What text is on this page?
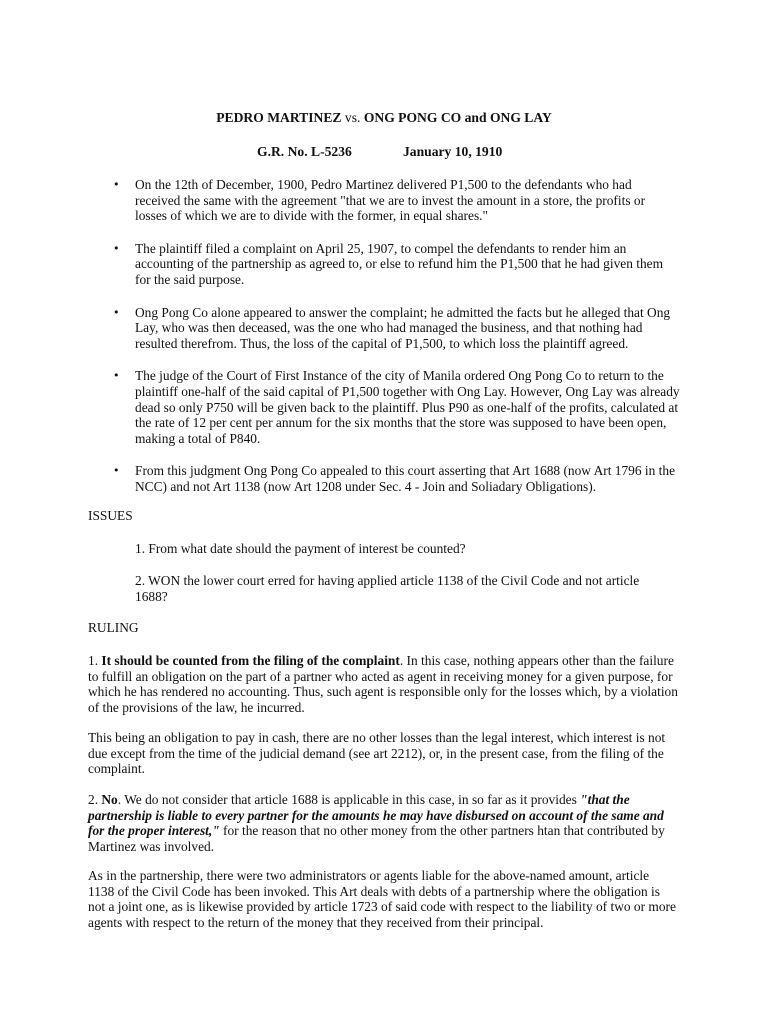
PEDRO MARTINEZ vs. ONG PONG CO and ONG LAY
G.R. No. L-5236	January 10, 1910
• On the 12th of December, 1900, Pedro Martinez delivered P1,500 to the defendants who had received the same with the agreement "that we are to invest the amount in a store, the profits or losses of which we are to divide with the former, in equal shares."
• The plaintiff filed a complaint on April 25, 1907, to compel the defendants to render him an accounting of the partnership as agreed to, or else to refund him the P1,500 that he had given them for the said purpose.
• Ong Pong Co alone appeared to answer the complaint; he admitted the facts but he alleged that Ong Lay, who was then deceased, was the one who had managed the business, and that nothing had resulted therefrom. Thus, the loss of the capital of P1,500, to which loss the plaintiff agreed.
• The judge of the Court of First Instance of the city of Manila ordered Ong Pong Co to return to the plaintiff one-half of the said capital of P1,500 together with Ong Lay. However, Ong Lay was already dead so only P750 will be given back to the plaintiff. Plus P90 as one-half of the profits, calculated at the rate of 12 per cent per annum for the six months that the store was supposed to have been open, making a total of P840.
• From this judgment Ong Pong Co appealed to this court asserting that Art 1688 (now Art 1796 in the NCC) and not Art 1138 (now Art 1208 under Sec. 4 - Join and Soliadary Obligations).
ISSUES
1. From what date should the payment of interest be counted?
2. WON the lower court erred for having applied article 1138 of the Civil Code and not article 1688?
RULING
1. It should be counted from the filing of the complaint. In this case, nothing appears other than the failure to fulfill an obligation on the part of a partner who acted as agent in receiving money for a given purpose, for which he has rendered no accounting. Thus, such agent is responsible only for the losses which, by a violation of the provisions of the law, he incurred.
This being an obligation to pay in cash, there are no other losses than the legal interest, which interest is not due except from the time of the judicial demand (see art 2212), or, in the present case, from the filing of the complaint.
2. No. We do not consider that article 1688 is applicable in this case, in so far as it provides "that the partnership is liable to every partner for the amounts he may have disbursed on account of the same and for the proper interest," for the reason that no other money from the other partners htan that contributed by Martinez was involved.
As in the partnership, there were two administrators or agents liable for the above-named amount, article 1138 of the Civil Code has been invoked. This Art deals with debts of a partnership where the obligation is not a joint one, as is likewise provided by article 1723 of said code with respect to the liability of two or more agents with respect to the return of the money that they received from their principal.
